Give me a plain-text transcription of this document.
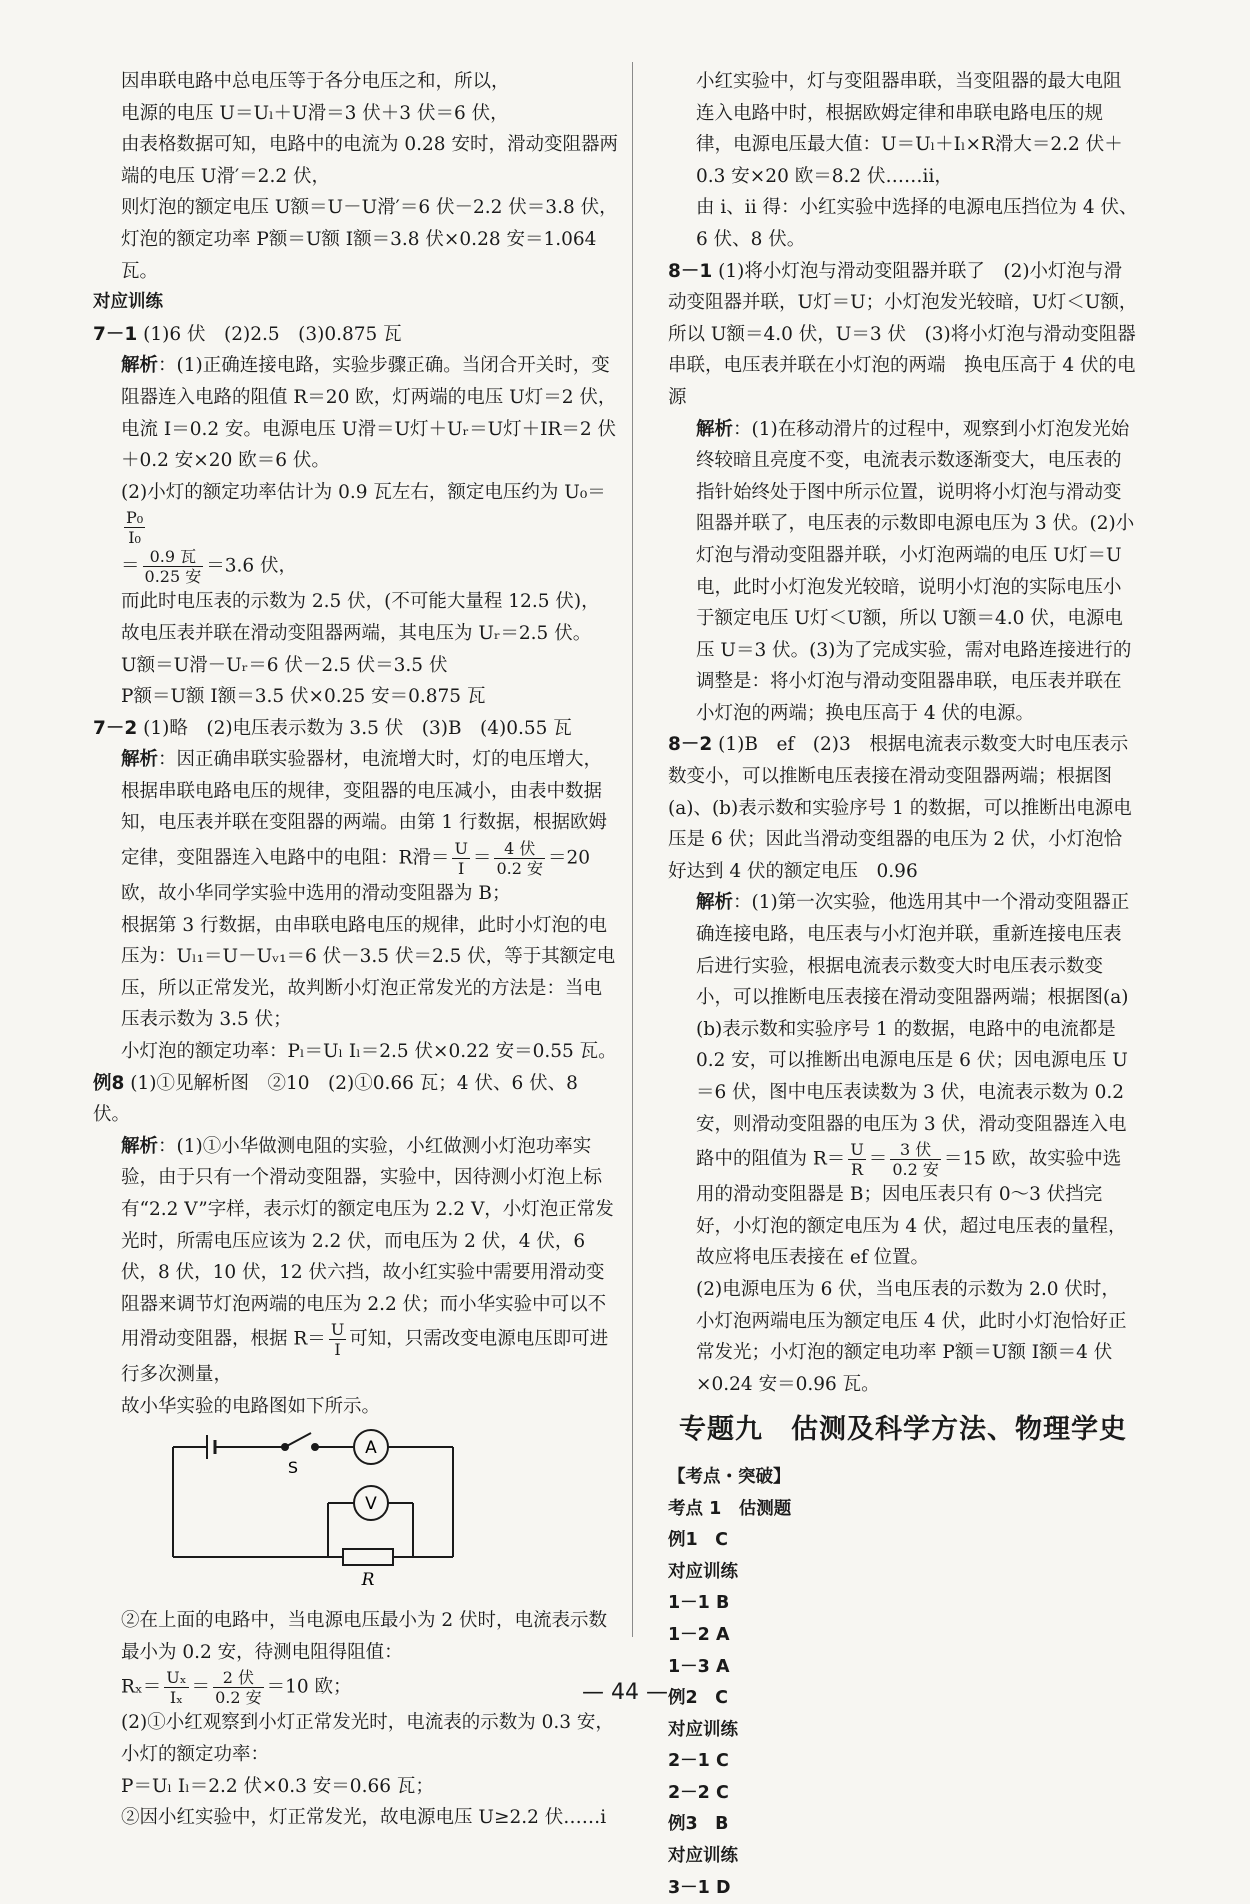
因串联电路中总电压等于各分电压之和，所以，

电源的电压 U＝Uₗ＋U滑＝3 伏＋3 伏＝6 伏，

由表格数据可知，电路中的电流为 0.28 安时，滑动变阻器两

端的电压 U滑′＝2.2 伏，

则灯泡的额定电压 U额＝U－U滑′＝6 伏－2.2 伏＝3.8 伏，

灯泡的额定功率 P额＝U额 I额＝3.8 伏×0.28 安＝1.064 瓦。

对应训练

7－1 (1)6 伏　(2)2.5　(3)0.875 瓦

解析：(1)正确连接电路，实验步骤正确。当闭合开关时，变阻器连入电路的阻值 R＝20 欧，灯两端的电压 U灯＝2 伏，电流 I＝0.2 安。电源电压 U滑＝U灯＋Uᵣ＝U灯＋IR＝2 伏＋0.2 安×20 欧＝6 伏。

(2)小灯的额定功率估计为 0.9 瓦左右，额定电压约为 U₀＝
$\frac{\text{P₀}}{\text{I₀}}$

＝ $\frac{\text{0.9 瓦}}{\text{0.25 安}} =3.6$ 伏，

而此时电压表的示数为 2.5 伏，(不可能大量程 12.5 伏)，故电压表并联在滑动变阻器两端，其电压为 Uᵣ＝2.5 伏。

U额＝U滑－Uᵣ＝6 伏－2.5 伏＝3.5 伏

P额＝U额 I额＝3.5 伏×0.25 安＝0.875 瓦

7－2 (1)略　(2)电压表示数为 3.5 伏　(3)B　(4)0.55 瓦

解析：因正确串联实验器材，电流增大时，灯的电压增大，根据串联电路电压的规律，变阻器的电压减小，由表中数据知，电压表并联在变阻器的两端。由第 1 行数据，根据欧姆定律，变阻器连入电路中的电阻：R滑＝ $\frac{U}{I} = \frac{\text{4 伏}}{\text{0.2 安}} =20$ 欧，故小华同学实验中选用的滑动变阻器为 B；

根据第 3 行数据，由串联电路电压的规律，此时小灯泡的电压为：Uₗ₁＝U－Uᵥ₁＝6 伏－3.5 伏＝2.5 伏，等于其额定电压，所以正常发光，故判断小灯泡正常发光的方法是：当电压表示数为 3.5 伏；

小灯泡的额定功率：Pₗ＝Uₗ Iₗ＝2.5 伏×0.22 安＝0.55 瓦。

例8 (1)①见解析图　②10　(2)①0.66 瓦；4 伏、6 伏、8 伏。

解析：(1)①小华做测电阻的实验，小红做测小灯泡功率实验，由于只有一个滑动变阻器，实验中，因待测小灯泡上标有“2.2 V”字样，表示灯的额定电压为 2.2 V，小灯泡正常发光时，所需电压应该为 2.2 伏，而电压为 2 伏，4 伏，6 伏，8 伏，10 伏，12 伏六挡，故小红实验中需要用滑动变阻器来调节灯泡两端的电压为 2.2 伏；而小华实验中可以不用滑动变阻器，根据 $R= \frac{U}{I}$ 可知，只需改变电源电压即可进行多次测量，

故小华实验的电路图如下所示。

A
V
S
R

②在上面的电路中，当电源电压最小为 2 伏时，电流表示数最小为 0.2 安，待测电阻得阻值：

$R_x= \frac{\text{Uₓ}}{\text{Iₓ}} = \frac{\text{2 伏}}{\text{0.2 安}} =10$ 欧；

(2)①小红观察到小灯正常发光时，电流表的示数为 0.3 安，小灯的额定功率：

P＝Uₗ Iₗ＝2.2 伏×0.3 安＝0.66 瓦；

②因小红实验中，灯正常发光，故电源电压 U≥2.2 伏……i

小红实验中，灯与变阻器串联，当变阻器的最大电阻连入电路中时，根据欧姆定律和串联电路电压的规律，电源电压最大值：U＝Uₗ＋Iₗ×R滑大＝2.2 伏＋0.3 安×20 欧＝8.2 伏……ii，

由 i、ii 得：小红实验中选择的电源电压挡位为 4 伏、6 伏、8 伏。

8－1 (1)将小灯泡与滑动变阻器并联了　(2)小灯泡与滑动变阻器并联，U灯＝U；小灯泡发光较暗，U灯＜U额，所以 U额＝4.0 伏，U＝3 伏　(3)将小灯泡与滑动变阻器串联，电压表并联在小灯泡的两端　换电压高于 4 伏的电源

解析：(1)在移动滑片的过程中，观察到小灯泡发光始终较暗且亮度不变，电流表示数逐渐变大，电压表的指针始终处于图中所示位置，说明将小灯泡与滑动变阻器并联了，电压表的示数即电源电压为 3 伏。(2)小灯泡与滑动变阻器并联，小灯泡两端的电压 U灯＝U电，此时小灯泡发光较暗，说明小灯泡的实际电压小于额定电压 U灯＜U额，所以 U额＝4.0 伏，电源电压 U＝3 伏。(3)为了完成实验，需对电路连接进行的调整是：将小灯泡与滑动变阻器串联，电压表并联在小灯泡的两端；换电压高于 4 伏的电源。

8－2 (1)B　ef　(2)3　根据电流表示数变大时电压表示数变小，可以推断电压表接在滑动变阻器两端；根据图(a)、(b)表示数和实验序号 1 的数据，可以推断出电源电压是 6 伏；因此当滑动变组器的电压为 2 伏，小灯泡恰好达到 4 伏的额定电压　0.96

解析：(1)第一次实验，他选用其中一个滑动变阻器正确连接电路，电压表与小灯泡并联，重新连接电压表后进行实验，根据电流表示数变大时电压表示数变小，可以推断电压表接在滑动变阻器两端；根据图(a)(b)表示数和实验序号 1 的数据，电路中的电流都是 0.2 安，可以推断出电源电压是 6 伏；因电源电压 U＝6 伏，图中电压表读数为 3 伏，电流表示数为 0.2 安，则滑动变阻器的电压为 3 伏，滑动变阻器连入电路中的阻值为 $R= \frac{U}{R} = \frac{\text{3 伏}}{\text{0.2 安}} =15$ 欧，故实验中选用的滑动变阻器是 B；因电压表只有 0～3 伏挡完好，小灯泡的额定电压为 4 伏，超过电压表的量程，故应将电压表接在 ef 位置。

(2)电源电压为 6 伏，当电压表的示数为 2.0 伏时，小灯泡两端电压为额定电压 4 伏，此时小灯泡恰好正常发光；小灯泡的额定电功率 P额＝U额 I额＝4 伏×0.24 安＝0.96 瓦。

专题九　估测及科学方法、物理学史

【考点・突破】

考点 1　估测题

例1　C

对应训练

1－1 B

1－2 A

1－3 A

例2　C

对应训练

2－1 C

2－2 C

例3　B

对应训练

3－1 D

— 44 —
